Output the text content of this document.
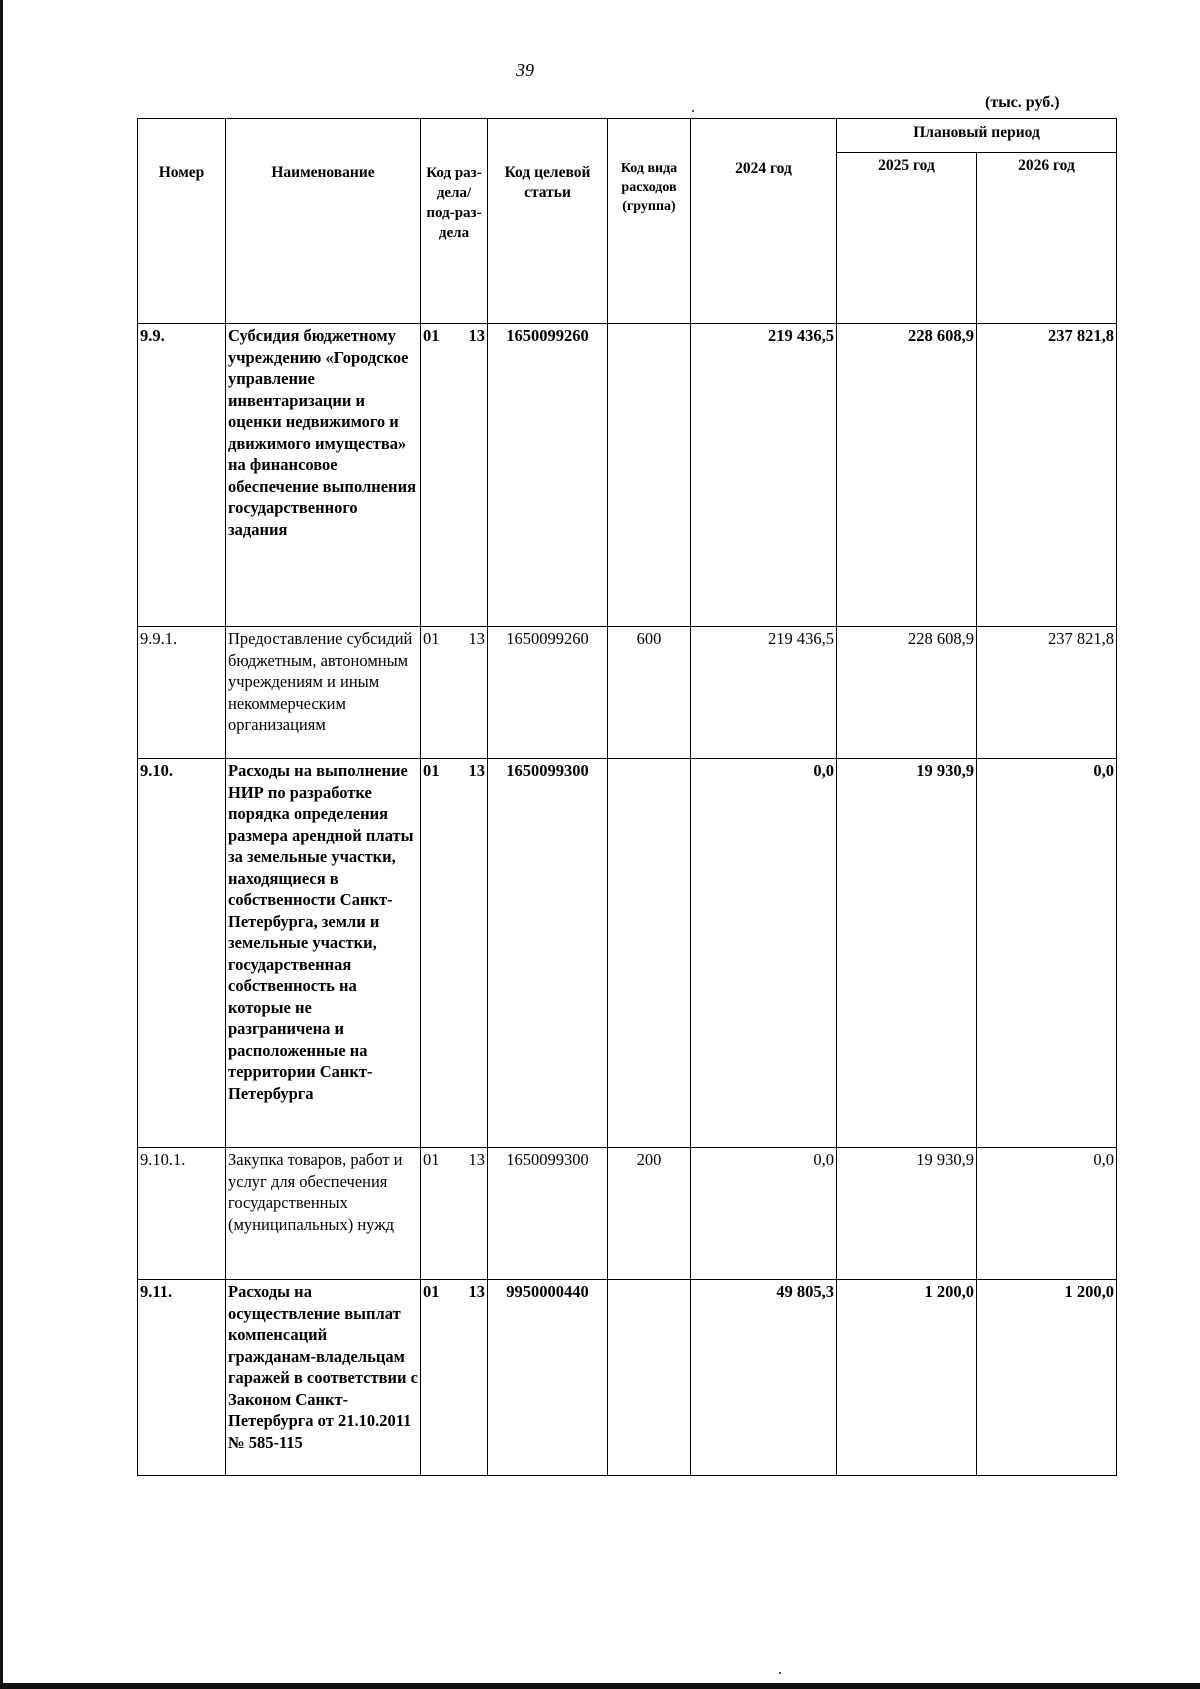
39
(тыс. руб.)
Номер	Наименование	Код раз-дела/ под-раз-дела	Код целевой статьи	Код вида расходов (группа)	2024 год	Плановый период	
						2025 год	2026 год
9.9.	Субсидия бюджетному учреждению «Городское управление инвентаризации и оценки недвижимого и движимого имущества» на финансовое обеспечение выполнения государственного задания	01 13	1650099260		219 436,5	228 608,9	237 821,8
9.9.1.	Предоставление субсидий бюджетным, автономным учреждениям и иным некоммерческим организациям	01 13	1650099260	600	219 436,5	228 608,9	237 821,8
9.10.	Расходы на выполнение НИР по разработке порядка определения размера арендной платы за земельные участки, находящиеся в собственности Санкт-Петербурга, земли и земельные участки, государственная собственность на которые не разграничена и расположенные на территории Санкт-Петербурга	01 13	1650099300		0,0	19 930,9	0,0
9.10.1.	Закупка товаров, работ и услуг для обеспечения государственных (муниципальных) нужд	01 13	1650099300	200	0,0	19 930,9	0,0
9.11.	Расходы на осуществление выплат компенсаций гражданам-владельцам гаражей в соответствии с Законом Санкт-Петербурга от 21.10.2011 № 585-115	01 13	9950000440		49 805,3	1 200,0	1 200,0
